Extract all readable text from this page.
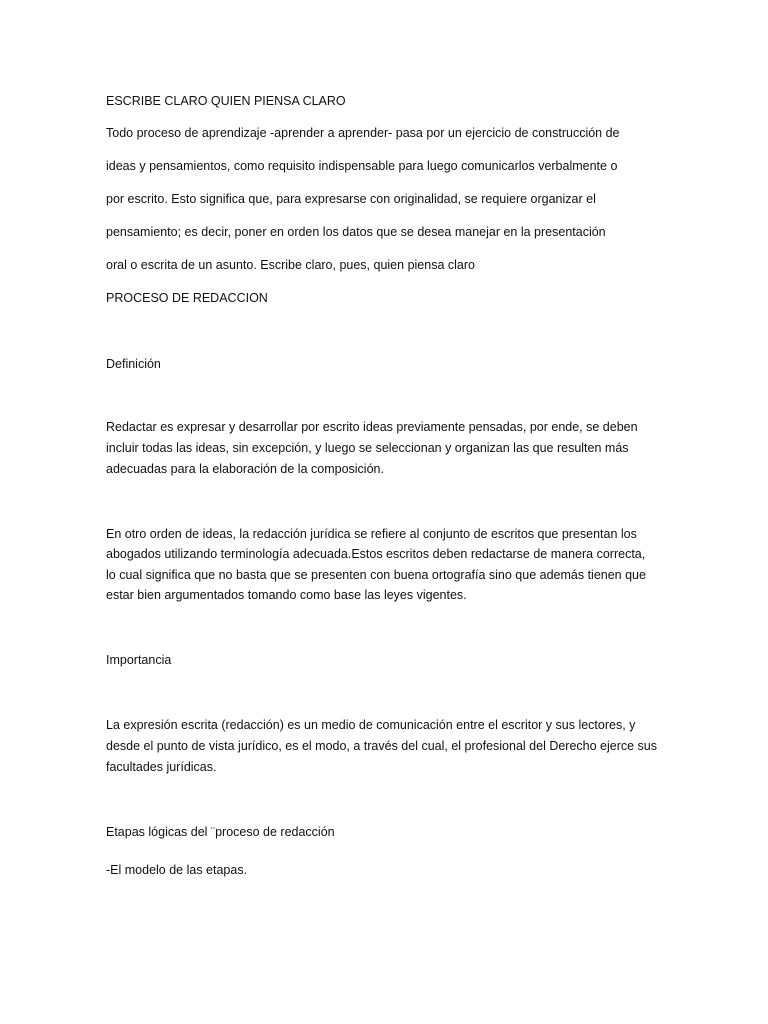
ESCRIBE CLARO QUIEN PIENSA CLARO
Todo proceso de aprendizaje -aprender a aprender- pasa por un ejercicio de construcción de
ideas y pensamientos, como requisito indispensable para luego comunicarlos verbalmente o
por escrito. Esto significa que, para expresarse con originalidad, se requiere organizar el
pensamiento; es decir, poner en orden los datos que se desea manejar en la presentación
oral o escrita de un asunto. Escribe claro, pues, quien piensa claro
PROCESO DE REDACCION
Definición
Redactar es expresar y desarrollar por escrito ideas previamente pensadas, por ende, se deben
incluir todas las ideas, sin excepción, y luego se seleccionan y organizan las que resulten más
adecuadas para la elaboración de la composición.
En otro orden de ideas, la redacción jurídica se refiere al conjunto de escritos que presentan los
abogados utilizando terminología adecuada.Estos escritos deben redactarse de manera correcta,
lo cual significa que no basta que se presenten con buena ortografía sino que además tienen que
estar bien argumentados tomando como base las leyes vigentes.
Importancia
La expresión escrita (redacción) es un medio de comunicación entre el escritor y sus lectores, y
desde el punto de vista jurídico, es el modo, a través del cual, el profesional del Derecho ejerce sus
facultades jurídicas.
Etapas lógicas del ¨proceso de redacción
-El modelo de las etapas.
